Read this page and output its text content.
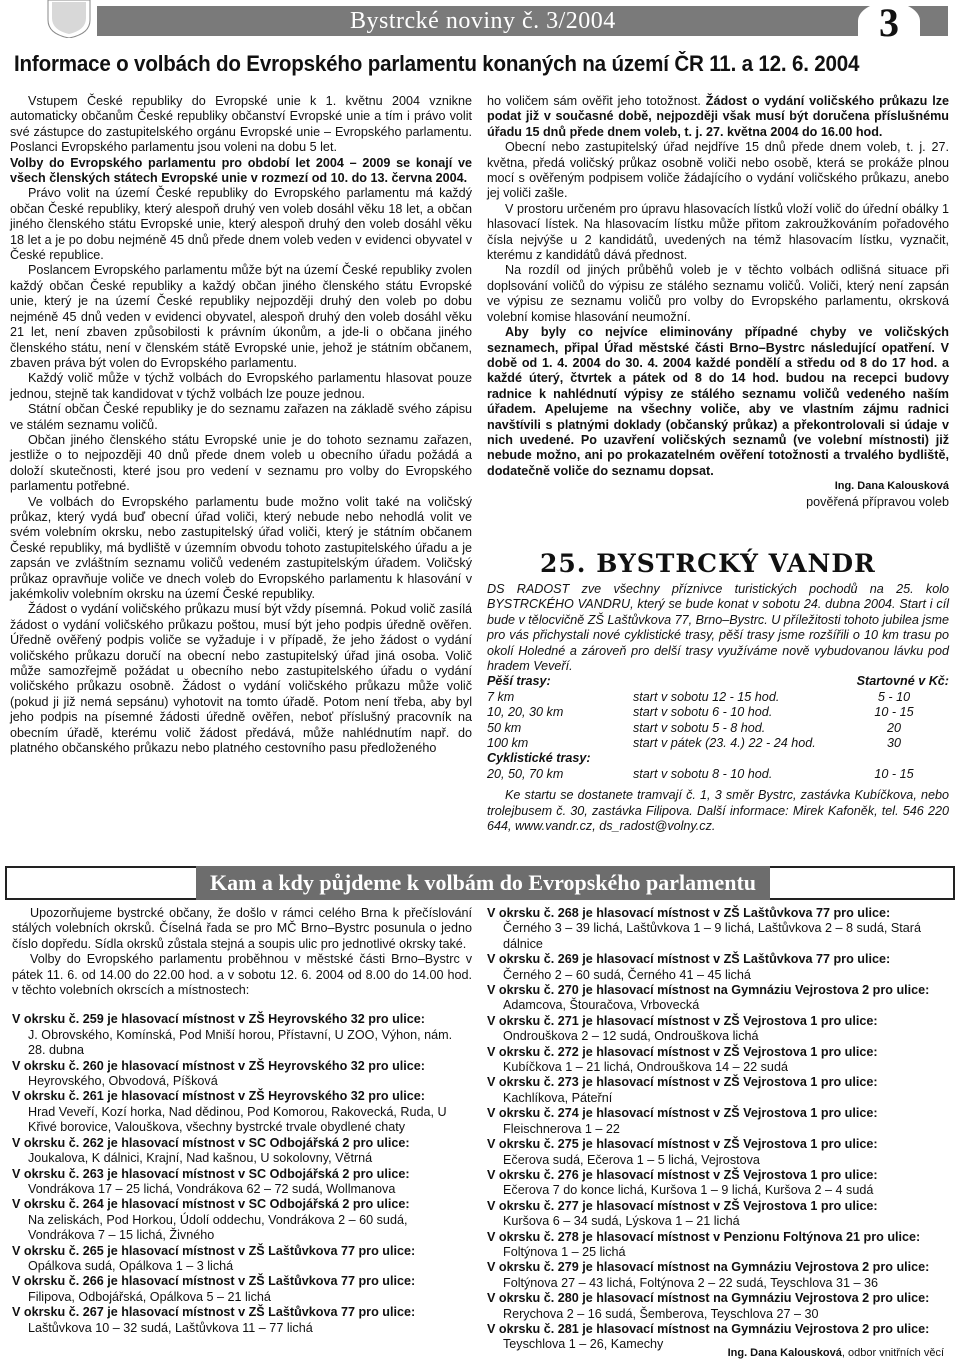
Bystrcké noviny č. 3/2004	3
Informace o volbách do Evropského parlamentu konaných na území ČR 11. a 12. 6. 2004

Vstupem České republiky do Evropské unie k 1. květnu 2004 vznikne automaticky občanům České republiky občanství Evropské unie a tím i právo volit své zástupce do zastupitelského orgánu Evropské unie – Evropského parlamentu. Poslanci Evropského parlamentu jsou voleni na dobu 5 let.

Volby do Evropského parlamentu pro období let 2004 – 2009 se konají ve všech členských státech Evropské unie v rozmezí od 10. do 13. června 2004.

Právo volit na území České republiky do Evropského parlamentu má každý občan České republiky, který alespoň druhý ven voleb dosáhl věku 18 let, a občan jiného členského státu Evropské unie, který alespoň druhý den voleb dosáhl věku 18 let a je po dobu nejméně 45 dnů přede dnem voleb veden v evidenci obyvatel v České republice.

Poslancem Evropského parlamentu může být na území České republiky zvolen každý občan České republiky a každý občan jiného členského státu Evropské unie, který je na území České republiky nejpozději druhý den voleb po dobu nejméně 45 dnů veden v evidenci obyvatel, alespoň druhý den voleb dosáhl věku 21 let, není zbaven způsobilosti k právním úkonům, a jde-li o občana jiného členského státu, není v členském státě Evropské unie, jehož je státním občanem, zbaven práva být volen do Evropského parlamentu.

Každý volič může v týchž volbách do Evropského parlamentu hlasovat pouze jednou, stejně tak kandidovat v týchž volbách lze pouze jednou.

Státní občan České republiky je do seznamu zařazen na základě svého zápisu ve stálém seznamu voličů.

Občan jiného členského státu Evropské unie je do tohoto seznamu zařazen, jestliže o to nejpozději 40 dnů přede dnem voleb u obecního úřadu požádá a doloží skutečnosti, které jsou pro vedení v seznamu pro volby do Evropského parlamentu potřebné.

Ve volbách do Evropského parlamentu bude možno volit také na voličský průkaz, který vydá buď obecní úřad voliči, který nebude nebo nehodlá volit ve svém volebním okrsku, nebo zastupitelský úřad voliči, který je státním občanem České republiky, má bydliště v územním obvodu tohoto zastupitelského úřadu a je zapsán ve zvláštním seznamu voličů vedeném zastupitelským úřadem. Voličský průkaz opravňuje voliče ve dnech voleb do Evropského parlamentu k hlasování v jakémkoliv volebním okrsku na území České republiky.

Žádost o vydání voličského průkazu musí být vždy písemná. Pokud volič zasílá žádost o vydání voličského průkazu poštou, musí být jeho podpis úředně ověřen. Úředně ověřený podpis voliče se vyžaduje i v případě, že jeho žádost o vydání voličského průkazu doručí na obecní nebo zastupitelský úřad jiná osoba. Volič může samozřejmě požádat u obecního nebo zastupitelského úřadu o vydání voličského průkazu osobně. Žádost o vydání voličského průkazu může volič (pokud ji již nemá sepsánu) vyhotovit na tomto úřadě. Potom není třeba, aby byl jeho podpis na písemné žádosti úředně ověřen, neboť příslušný pracovník na obecním úřadě, kterému volič žádost předává, může nahlédnutím např. do platného občanského průkazu nebo platného cestovního pasu předloženého

ho voličem sám ověřit jeho totožnost. Žádost o vydání voličského průkazu lze podat již v současné době, nejpozději však musí být doručena příslušnému úřadu 15 dnů přede dnem voleb, t. j. 27. května 2004 do 16.00 hod.

Obecní nebo zastupitelský úřad nejdříve 15 dnů přede dnem voleb, t. j. 27. května, předá voličský průkaz osobně voliči nebo osobě, která se prokáže plnou mocí s ověřeným podpisem voliče žádajícího o vydání voličského průkazu, anebo jej voliči zašle.

V prostoru určeném pro úpravu hlasovacích lístků vloží volič do úřední obálky 1 hlasovací lístek. Na hlasovacím lístku může přitom zakroužkováním pořadového čísla nejvýše u 2 kandidátů, uvedených na témž hlasovacím lístku, vyznačit, kterému z kandidátů dává přednost.

Na rozdíl od jiných průběhů voleb je v těchto volbách odlišná situace při doplsování voličů do výpisu ze stálého seznamu voličů. Voliči, který není zapsán ve výpisu ze seznamu voličů pro volby do Evropského parlamentu, okrsková volební komise hlasování neumožní.

Aby byly co nejvíce eliminovány případné chyby ve voličských seznamech, připal Úřad městské části Brno–Bystrc následující opatření. V době od 1. 4. 2004 do 30. 4. 2004 každé pondělí a středu od 8 do 17 hod. a každé úterý, čtvrtek a pátek od 8 do 14 hod. budou na recepci budovy radnice k nahlédnutí výpisy ze stálého seznamu voličů vedeného naším úřadem. Apelujeme na všechny voliče, aby ve vlastním zájmu radnici navštívili s platnými doklady (občanský průkaz) a překontrolovali si údaje v nich uvedené. Po uzavření voličských seznamů (ve volební místnosti) již nebude možno, ani po prokazatelném ověření totožnosti a trvalého bydliště, dodatečně voliče do seznamu dopsat.

Ing. Dana Kalousková
pověřená přípravou voleb
25. BYSTRCKÝ VANDR

DS RADOST zve všechny příznivce turistických pochodů na 25. kolo BYSTRCKÉHO VANDRU, který se bude konat v sobotu 24. dubna 2004. Start i cíl bude v tělocvičně ZŠ Laštůvkova 77, Brno–Bystrc. U příležitosti tohoto jubilea jsme pro vás přichystali nové cyklistické trasy, pěší trasy jsme rozšířili o 10 km trasu po okolí Holedné a zároveň pro delší trasy využíváme nově vybudovanou lávku pod hradem Veveří.

Pěší trasy:		Startovné v Kč:
7 km	start v sobotu 12 - 15 hod.	5 - 10
10, 20, 30 km	start v sobotu 6 - 10 hod.	10 - 15
50 km	start v sobotu 5 - 8 hod.	20
100 km	start v pátek (23. 4.) 22 - 24 hod.	30
Cyklistické trasy:		
20, 50, 70 km	start v sobotu 8 - 10 hod.	10 - 15

Ke startu se dostanete tramvají č. 1, 3 směr Bystrc, zastávka Kubíčkova, nebo trolejbusem č. 30, zastávka Filipova. Další informace: Mirek Kafoněk, tel. 546 220 644, www.vandr.cz, ds_radost@volny.cz.

Kam a kdy půjdeme k volbám do Evropského parlamentu

Upozorňujeme bystrcké občany, že došlo v rámci celého Brna k přečíslování stálých volebních okrsků. Číselná řada se pro MČ Brno–Bystrc posunula o jedno číslo dopředu. Sídla okrsků zůstala stejná a soupis ulic pro jednotlivé okrsky také.

Volby do Evropského parlamentu proběhnou v městské části Brno–Bystrc v pátek 11. 6. od 14.00 do 22.00 hod. a v sobotu 12. 6. 2004 od 8.00 do 14.00 hod. v těchto volebních okrscích a místnostech:

V okrsku č. 259 je hlasovací místnost v ZŠ Heyrovského 32 pro ulice:
J. Obrovského, Komínská, Pod Mniší horou, Přístavní, U ZOO, Výhon, nám. 28. dubna
V okrsku č. 260 je hlasovací místnost v ZŠ Heyrovského 32 pro ulice:
Heyrovského, Obvodová, Píšková
V okrsku č. 261 je hlasovací místnost v ZŠ Heyrovského 32 pro ulice:
Hrad Veveří, Kozí horka, Nad dědinou, Pod Komorou, Rakovecká, Ruda, U Křivé borovice, Valouškova, všechny bystrcké trvale obydlené chaty
V okrsku č. 262 je hlasovací místnost v SC Odbojářská 2 pro ulice:
Joukalova, K dálnici, Krajní, Nad kašnou, U sokolovny, Větrná
V okrsku č. 263 je hlasovací místnost v SC Odbojářská 2 pro ulice:
Vondrákova 17 – 25 lichá, Vondrákova 62 – 72 sudá, Wollmanova
V okrsku č. 264 je hlasovací místnost v SC Odbojářská 2 pro ulice:
Na zeliskách, Pod Horkou, Údolí oddechu, Vondrákova 2 – 60 sudá, Vondrákova 7 – 15 lichá, Živného
V okrsku č. 265 je hlasovací místnost v ZŠ Laštůvkova 77 pro ulice:
Opálkova sudá, Opálkova 1 – 3 lichá
V okrsku č. 266 je hlasovací místnost v ZŠ Laštůvkova 77 pro ulice:
Filipova, Odbojářská, Opálkova 5 – 21 lichá
V okrsku č. 267 je hlasovací místnost v ZŠ Laštůvkova 77 pro ulice:
Laštůvkova 10 – 32 sudá, Laštůvkova 11 – 77 lichá
V okrsku č. 268 je hlasovací místnost v ZŠ Laštůvkova 77 pro ulice:
Černého 3 – 39 lichá, Laštůvkova 1 – 9 lichá, Laštůvkova 2 – 8 sudá, Stará dálnice
V okrsku č. 269 je hlasovací místnost v ZŠ Laštůvkova 77 pro ulice:
Černého 2 – 60 sudá, Černého 41 – 45 lichá
V okrsku č. 270 je hlasovací místnost na Gymnáziu Vejrostova 2 pro ulice:
Adamcova, Štouračova, Vrbovecká
V okrsku č. 271 je hlasovací místnost v ZŠ Vejrostova 1 pro ulice:
Ondrouškova 2 – 12 sudá, Ondrouškova lichá
V okrsku č. 272 je hlasovací místnost v ZŠ Vejrostova 1 pro ulice:
Kubíčkova 1 – 21 lichá, Ondrouškova 14 – 22 sudá
V okrsku č. 273 je hlasovací místnost v ZŠ Vejrostova 1 pro ulice:
Kachlíkova, Páteřní
V okrsku č. 274 je hlasovací místnost v ZŠ Vejrostova 1 pro ulice:
Fleischnerova 1 – 22
V okrsku č. 275 je hlasovací místnost v ZŠ Vejrostova 1 pro ulice:
Ečerova sudá, Ečerova 1 – 5 lichá, Vejrostova
V okrsku č. 276 je hlasovací místnost v ZŠ Vejrostova 1 pro ulice:
Ečerova 7 do konce lichá, Kuršova 1 – 9 lichá, Kuršova 2 – 4 sudá
V okrsku č. 277 je hlasovací místnost v ZŠ Vejrostova 1 pro ulice:
Kuršova 6 – 34 sudá, Lýskova 1 – 21 lichá
V okrsku č. 278 je hlasovací místnost v Penzionu Foltýnova 21 pro ulice:
Foltýnova 1 – 25 lichá
V okrsku č. 279 je hlasovací místnost na Gymnáziu Vejrostova 2 pro ulice:
Foltýnova 27 – 43 lichá, Foltýnova 2 – 22 sudá, Teyschlova 31 – 36
V okrsku č. 280 je hlasovací místnost na Gymnáziu Vejrostova 2 pro ulice:
Rerychova 2 – 16 sudá, Šemberova, Teyschlova 27 – 30
V okrsku č. 281 je hlasovací místnost na Gymnáziu Vejrostova 2 pro ulice:
Teyschlova 1 – 26, Kamechy
Ing. Dana Kalousková, odbor vnitřních věcí
